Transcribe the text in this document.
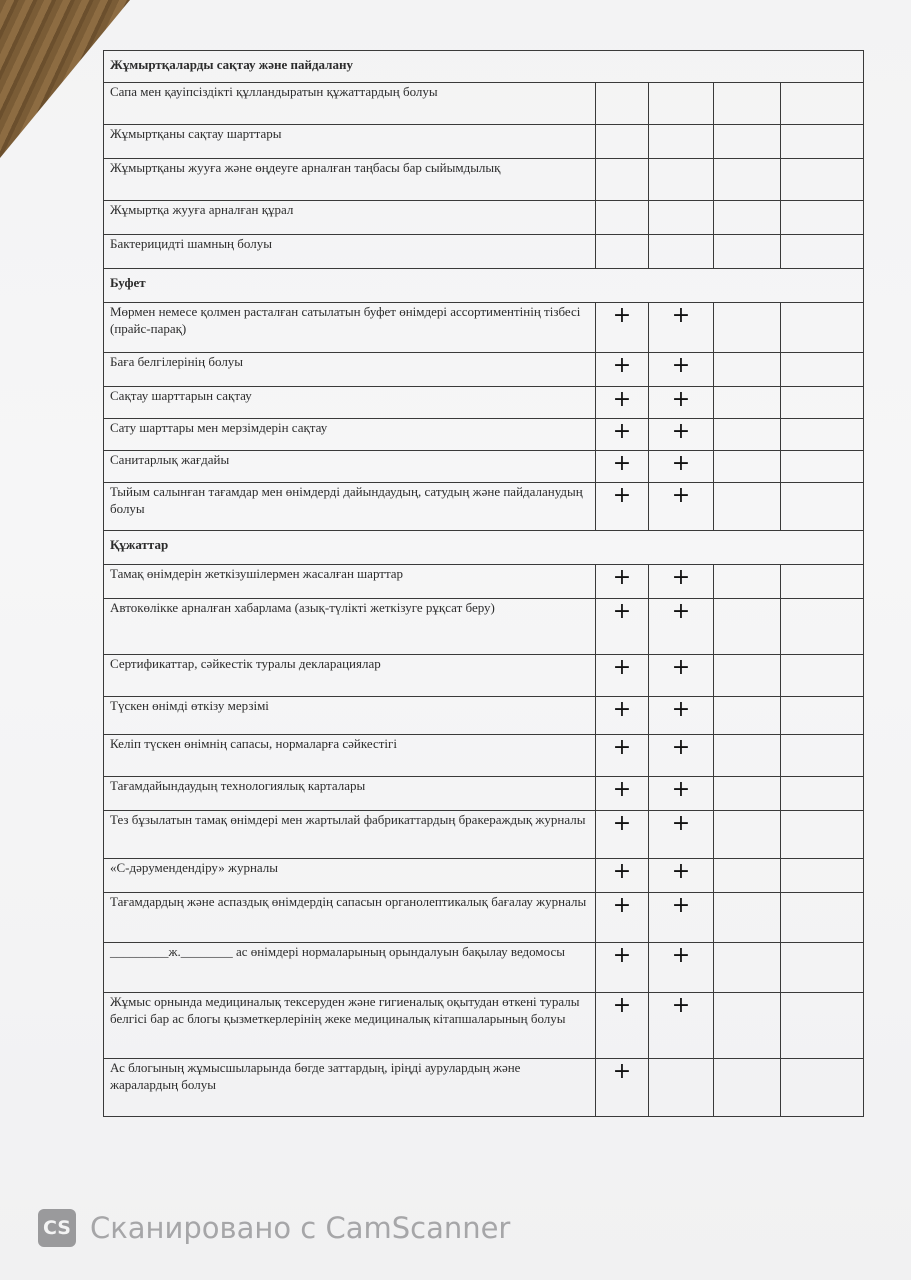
Жұмыртқаларды сақтау және пайдалану				
Сапа мен қауіпсіздікті құлландыратын құжаттардың болуы				
Жұмыртқаны сақтау шарттары				
Жұмыртқаны жууға және өңдеуге арналған таңбасы бар сыйымдылық				
Жұмыртқа жууға арналған құрал				
Бактерицидті шамның болуы				
Буфет				
Мөрмен немесе қолмен расталған сатылатын буфет өнімдері ассортиментінің тізбесі (прайс-парақ)	+	+		
Баға белгілерінің болуы	+	+		
Сақтау шарттарын сақтау	+	+		
Сату шарттары мен мерзімдерін сақтау	+	+		
Санитарлық жағдайы	+	+		
Тыйым салынған тағамдар мен өнімдерді дайындаудың, сатудың және пайдаланудың болуы	+	+		
Құжаттар				
Тамақ өнімдерін жеткізушілермен жасалған шарттар	+	+		
Автокөлікке арналған хабарлама (азық-түлікті жеткізуге рұқсат беру)	+	+		
Сертификаттар, сәйкестік туралы декларациялар	+	+		
Түскен өнімді өткізу мерзімі	+	+		
Келіп түскен өнімнің сапасы, нормаларға сәйкестігі	+	+		
Тағамдайындаудың технологиялық карталары	+	+		
Тез бұзылатын тамақ өнімдері мен жартылай фабрикаттардың бракераждық журналы	+	+		
«С-дәрумендендіру» журналы	+	+		
Тағамдардың және аспаздық өнімдердің сапасын органолептикалық бағалау журналы	+	+		
_________ж.________ ас өнімдері нормаларының орындалуын бақылау ведомосы	+	+		
Жұмыс орнында медициналық тексеруден және гигиеналық оқытудан өткені туралы белгісі бар ас блогы қызметкерлерінің жеке медициналық кітапшаларының болуы	+	+		
Ас блогының жұмысшыларында бөгде заттардың, іріңді аурулардың және жаралардың болуы	+			
CS Сканировано с CamScanner
